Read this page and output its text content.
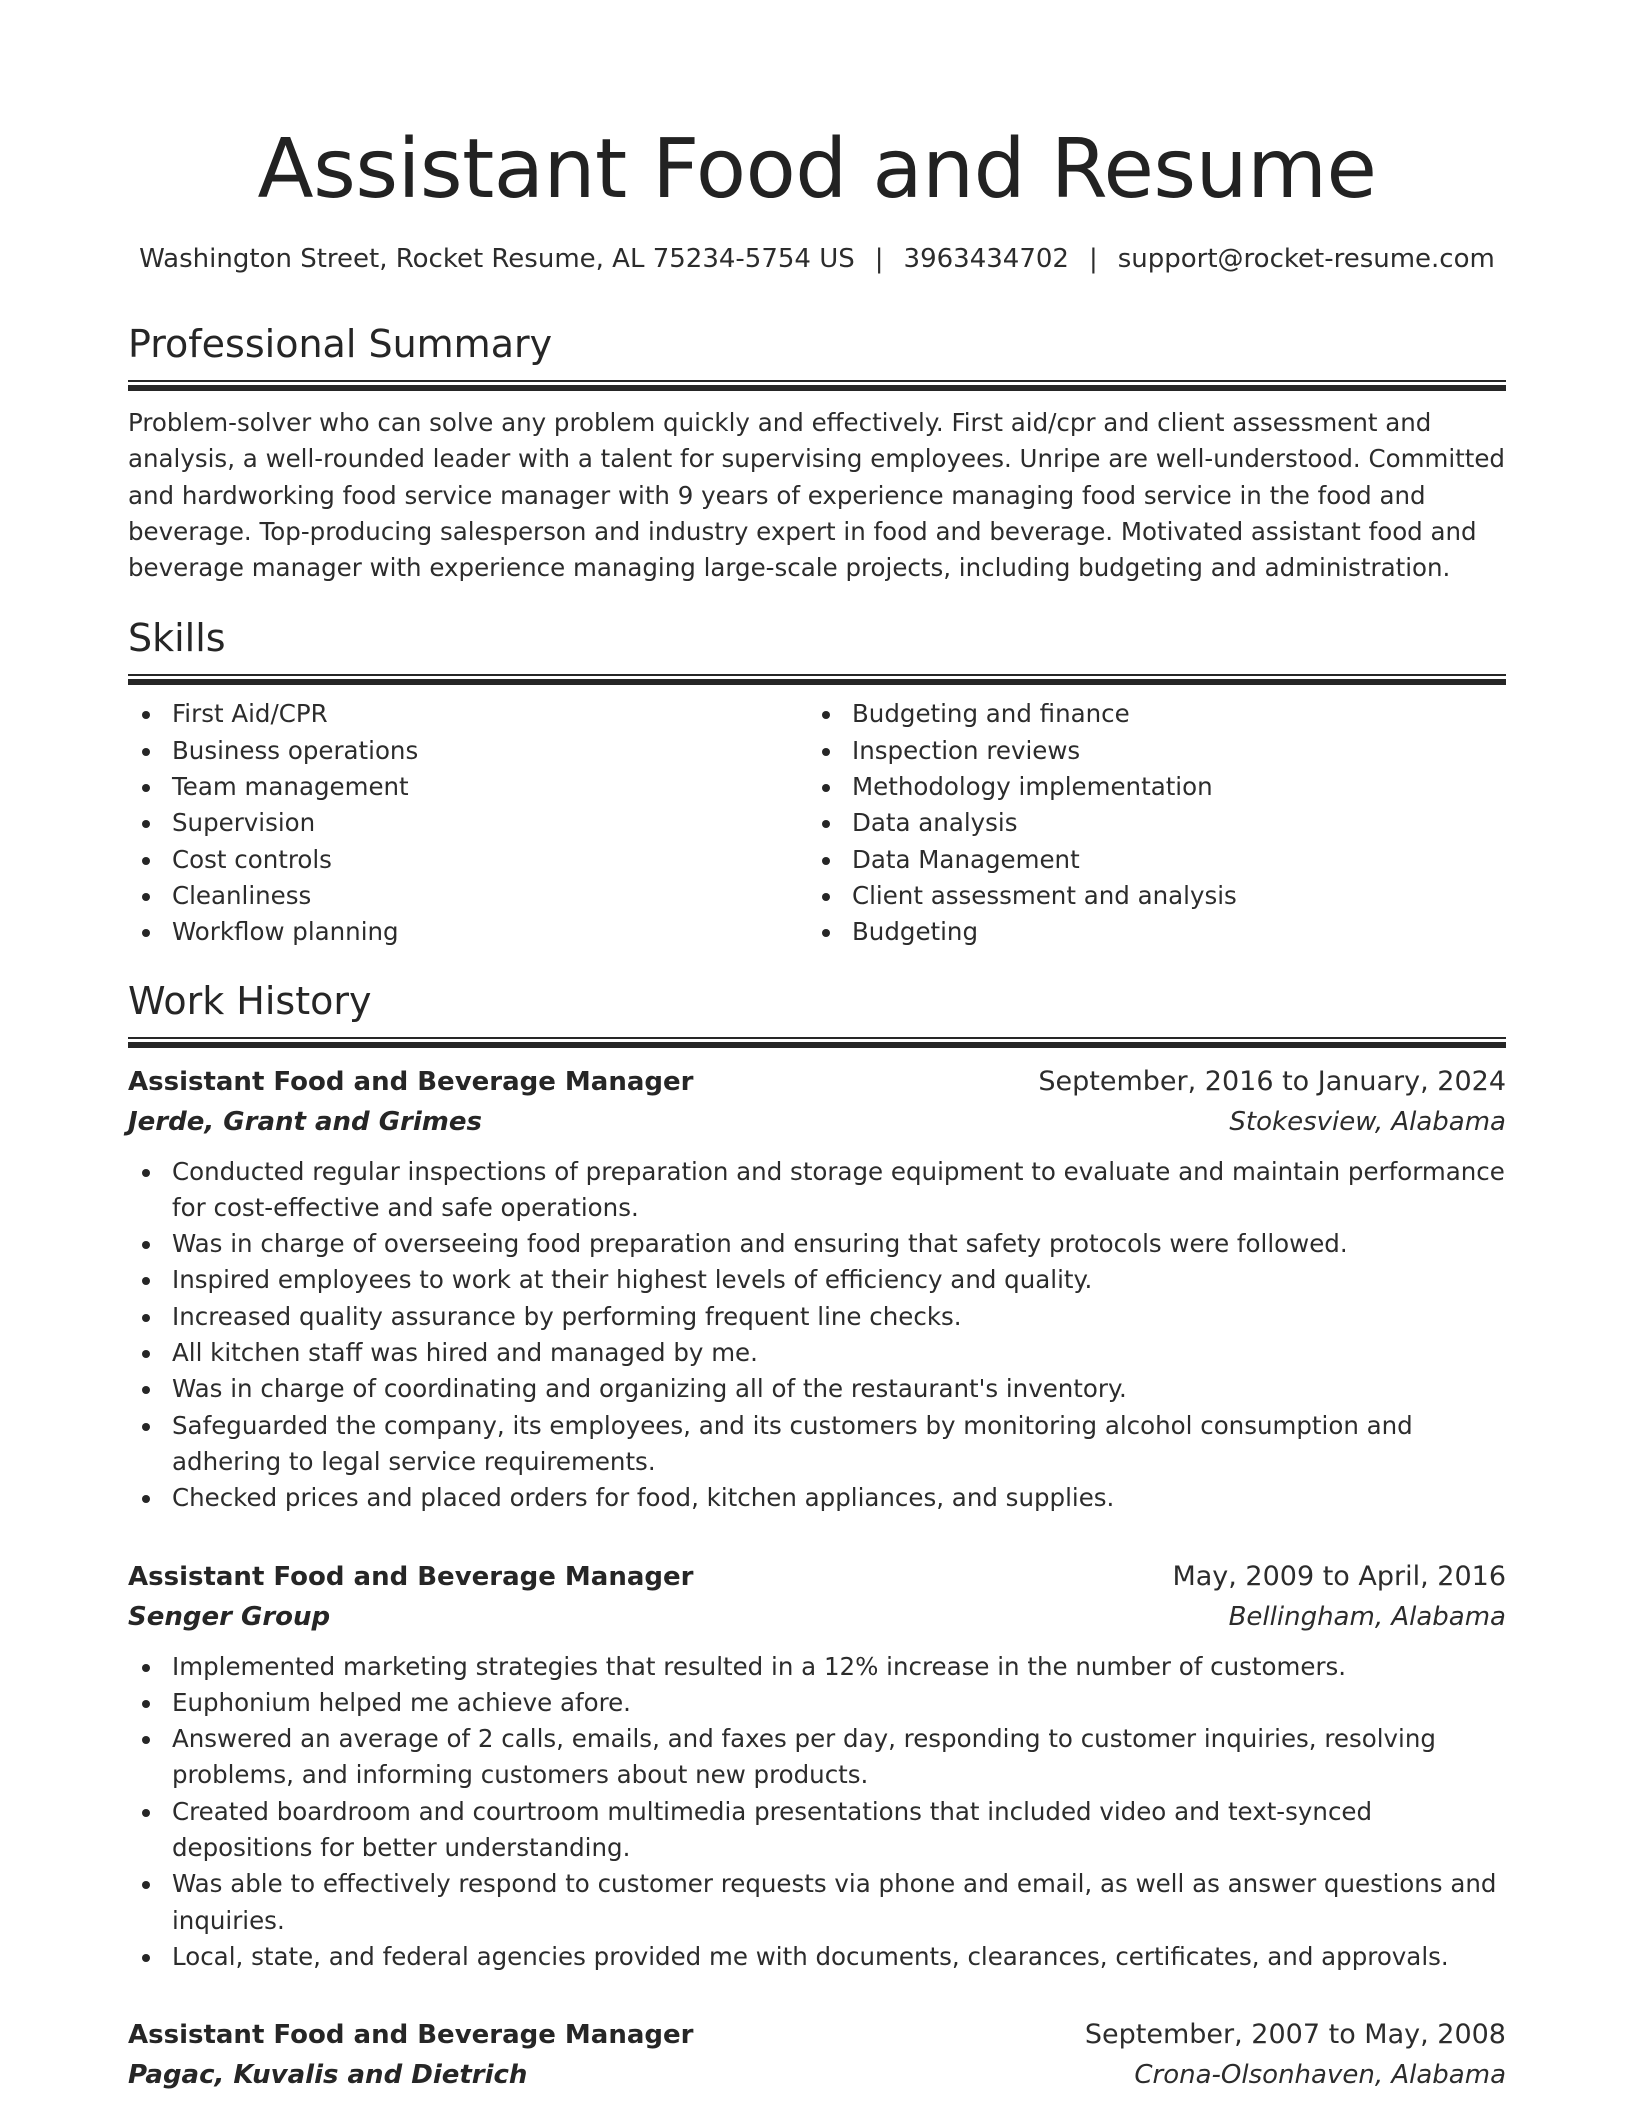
Assistant Food and Resume
Washington Street, Rocket Resume, AL 75234-5754 US | 3963434702 | support@rocket-resume.com
Professional Summary

Problem-solver who can solve any problem quickly and effectively. First aid/cpr and client assessment and analysis, a well-rounded leader with a talent for supervising employees. Unripe are well-understood. Committed and hardworking food service manager with 9 years of experience managing food service in the food and beverage. Top-producing salesperson and industry expert in food and beverage. Motivated assistant food and beverage manager with experience managing large-scale projects, including budgeting and administration.

Skills
First Aid/CPR
Business operations
Team management
Supervision
Cost controls
Cleanliness
Workflow planning
Budgeting and finance
Inspection reviews
Methodology implementation
Data analysis
Data Management
Client assessment and analysis
Budgeting
Work History
Assistant Food and Beverage Manager	September, 2016 to January, 2024
Jerde, Grant and Grimes	Stokesview, Alabama
Conducted regular inspections of preparation and storage equipment to evaluate and maintain performance for cost-effective and safe operations.
Was in charge of overseeing food preparation and ensuring that safety protocols were followed.
Inspired employees to work at their highest levels of efficiency and quality.
Increased quality assurance by performing frequent line checks.
All kitchen staff was hired and managed by me.
Was in charge of coordinating and organizing all of the restaurant's inventory.
Safeguarded the company, its employees, and its customers by monitoring alcohol consumption and adhering to legal service requirements.
Checked prices and placed orders for food, kitchen appliances, and supplies.
Assistant Food and Beverage Manager	May, 2009 to April, 2016
Senger Group	Bellingham, Alabama
Implemented marketing strategies that resulted in a 12% increase in the number of customers.
Euphonium helped me achieve afore.
Answered an average of 2 calls, emails, and faxes per day, responding to customer inquiries, resolving problems, and informing customers about new products.
Created boardroom and courtroom multimedia presentations that included video and text-synced depositions for better understanding.
Was able to effectively respond to customer requests via phone and email, as well as answer questions and inquiries.
Local, state, and federal agencies provided me with documents, clearances, certificates, and approvals.
Assistant Food and Beverage Manager	September, 2007 to May, 2008
Pagac, Kuvalis and Dietrich	Crona-Olsonhaven, Alabama
